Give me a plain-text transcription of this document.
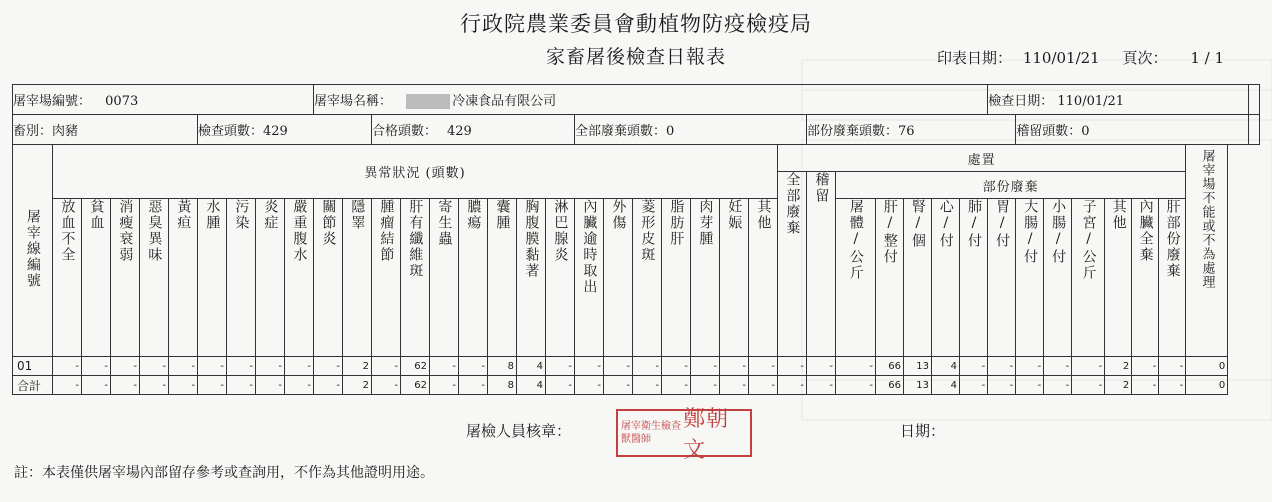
行政院農業委員會動植物防疫檢疫局
家畜屠後檢查日報表	印表日期： 110/01/21 頁次： 1 / 1
屠宰場編號： 0073										屠宰場名稱： 冷凍食品有限公司																							檢查日期： 110/01/21								
畜別：肉豬						檢查頭數：429						合格頭數： 429							全部廢棄頭數：0								部份廢棄頭數：76							稽留頭數：0							
屠宰線編號	異常狀況 (頭數)																									處置														屠宰場不能或不為處理	
																										全部廢棄	稽留	部份廢棄													
	放血不全	貧血	消瘦衰弱	惡臭異味	黃疸	水腫	污染	炎症	嚴重腹水	關節炎	隱睪	腫瘤結節	肝有纖維斑	寄生蟲	膿瘍	囊腫	胸腹膜黏著	淋巴腺炎	內臟逾時取出	外傷	菱形皮斑	脂肪肝	肉芽腫	妊娠	其他			屠體/公斤	肝/整付	腎/個	心/付	肺/付	胃/付	大腸/付	小腸/付	子宮/公斤	其他	內臟全棄	肝部份廢棄		
01	-	-	-	-	-	-	-	-	-	-	2	-	62	-	-	8	4	-	-	-	-	-	-	-	-	-	-	-	66	13	4	-	-	-	-	-	2	-	-	0	
合計	-	-	-	-	-	-	-	-	-	-	2	-	62	-	-	8	4	-	-	-	-	-	-	-	-	-	-	-	66	13	4	-	-	-	-	-	2	-	-	0	
屠檢人員核章：	屠宰衛生檢查獸醫師
鄭朝文
日期：
註：本表僅供屠宰場內部留存參考或查詢用，不作為其他證明用途。
